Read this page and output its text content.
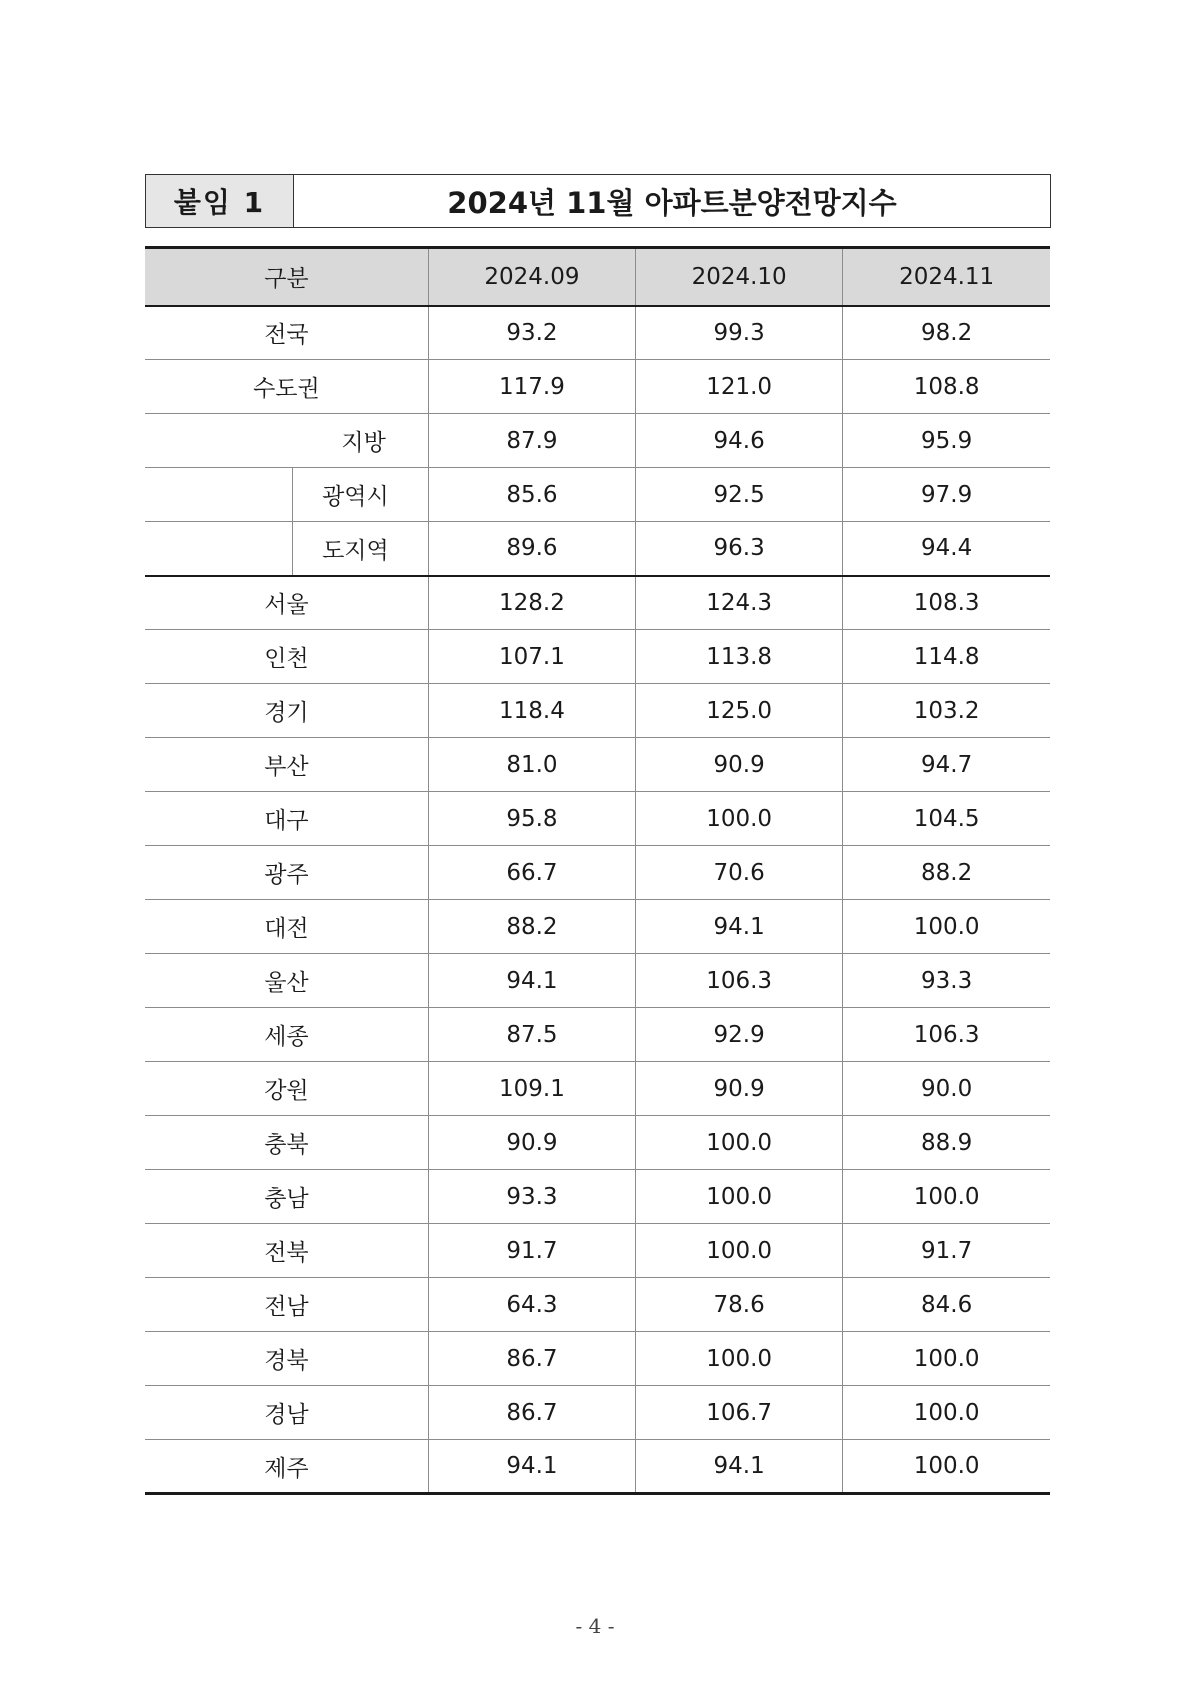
붙임 1	2024년 11월 아파트분양전망지수
구분	2024.09	2024.10	2024.11
전국	93.2	99.3	98.2
수도권	117.9	121.0	108.8
지방	87.9	94.6	95.9

광역시	85.6	92.5	97.9

도지역	89.6	96.3	94.4
서울	128.2	124.3	108.3
인천	107.1	113.8	114.8
경기	118.4	125.0	103.2
부산	81.0	90.9	94.7
대구	95.8	100.0	104.5
광주	66.7	70.6	88.2
대전	88.2	94.1	100.0
울산	94.1	106.3	93.3
세종	87.5	92.9	106.3
강원	109.1	90.9	90.0
충북	90.9	100.0	88.9
충남	93.3	100.0	100.0
전북	91.7	100.0	91.7
전남	64.3	78.6	84.6
경북	86.7	100.0	100.0
경남	86.7	106.7	100.0
제주	94.1	94.1	100.0
- 4 -
